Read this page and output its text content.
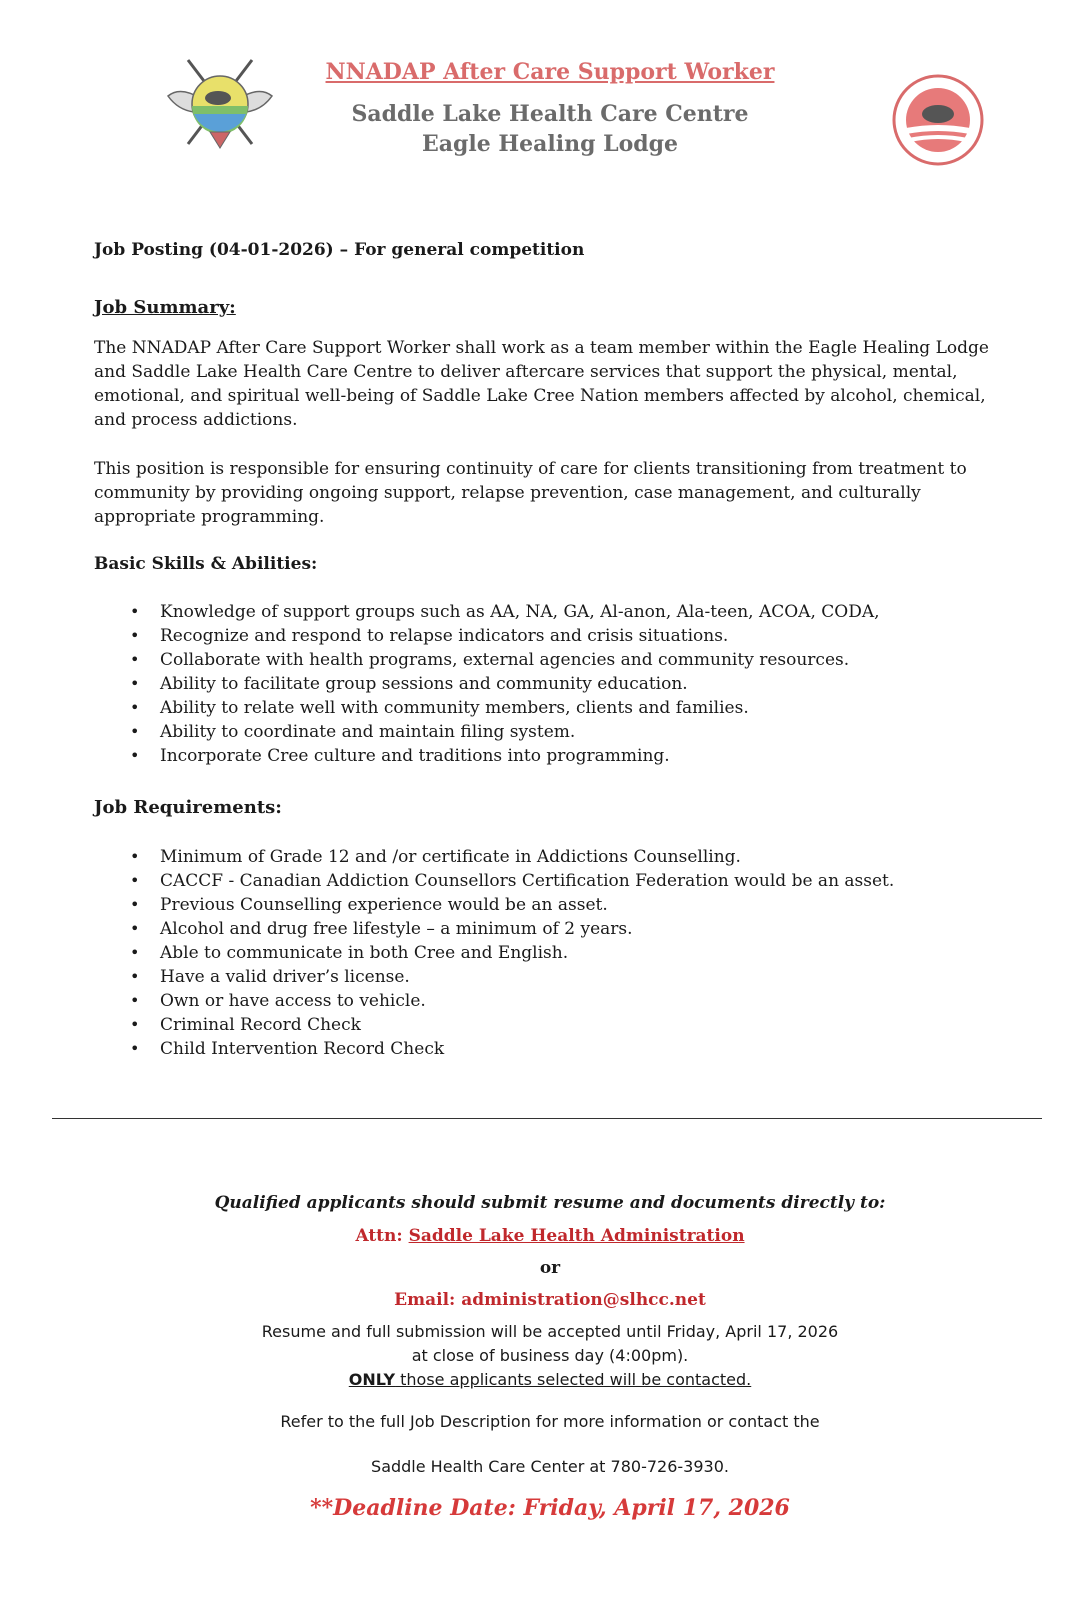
NNADAP After Care Support Worker
Saddle Lake Health Care Centre
Eagle Healing Lodge
Job Posting (04-01-2026) – For general competition
Job Summary:
The NNADAP After Care Support Worker shall work as a team member within the Eagle Healing Lodge and Saddle Lake Health Care Centre to deliver aftercare services that support the physical, mental, emotional, and spiritual well-being of Saddle Lake Cree Nation members affected by alcohol, chemical, and process addictions.
This position is responsible for ensuring continuity of care for clients transitioning from treatment to community by providing ongoing support, relapse prevention, case management, and culturally appropriate programming.
Basic Skills & Abilities:
• Knowledge of support groups such as AA, NA, GA, Al-anon, Ala-teen, ACOA, CODA,
• Recognize and respond to relapse indicators and crisis situations.
• Collaborate with health programs, external agencies and community resources.
• Ability to facilitate group sessions and community education.
• Ability to relate well with community members, clients and families.
• Ability to coordinate and maintain filing system.
• Incorporate Cree culture and traditions into programming.
Job Requirements:
• Minimum of Grade 12 and /or certificate in Addictions Counselling.
• CACCF - Canadian Addiction Counsellors Certification Federation would be an asset.
• Previous Counselling experience would be an asset.
• Alcohol and drug free lifestyle – a minimum of 2 years.
• Able to communicate in both Cree and English.
• Have a valid driver’s license.
• Own or have access to vehicle.
• Criminal Record Check
• Child Intervention Record Check
Qualified applicants should submit resume and documents directly to:
Attn: Saddle Lake Health Administration
or
Email: administration@slhcc.net
Resume and full submission will be accepted until Friday, April 17, 2026
at close of business day (4:00pm).
ONLY those applicants selected will be contacted.
Refer to the full Job Description for more information or contact the
Saddle Health Care Center at 780-726-3930.
**Deadline Date: Friday, April 17, 2026
